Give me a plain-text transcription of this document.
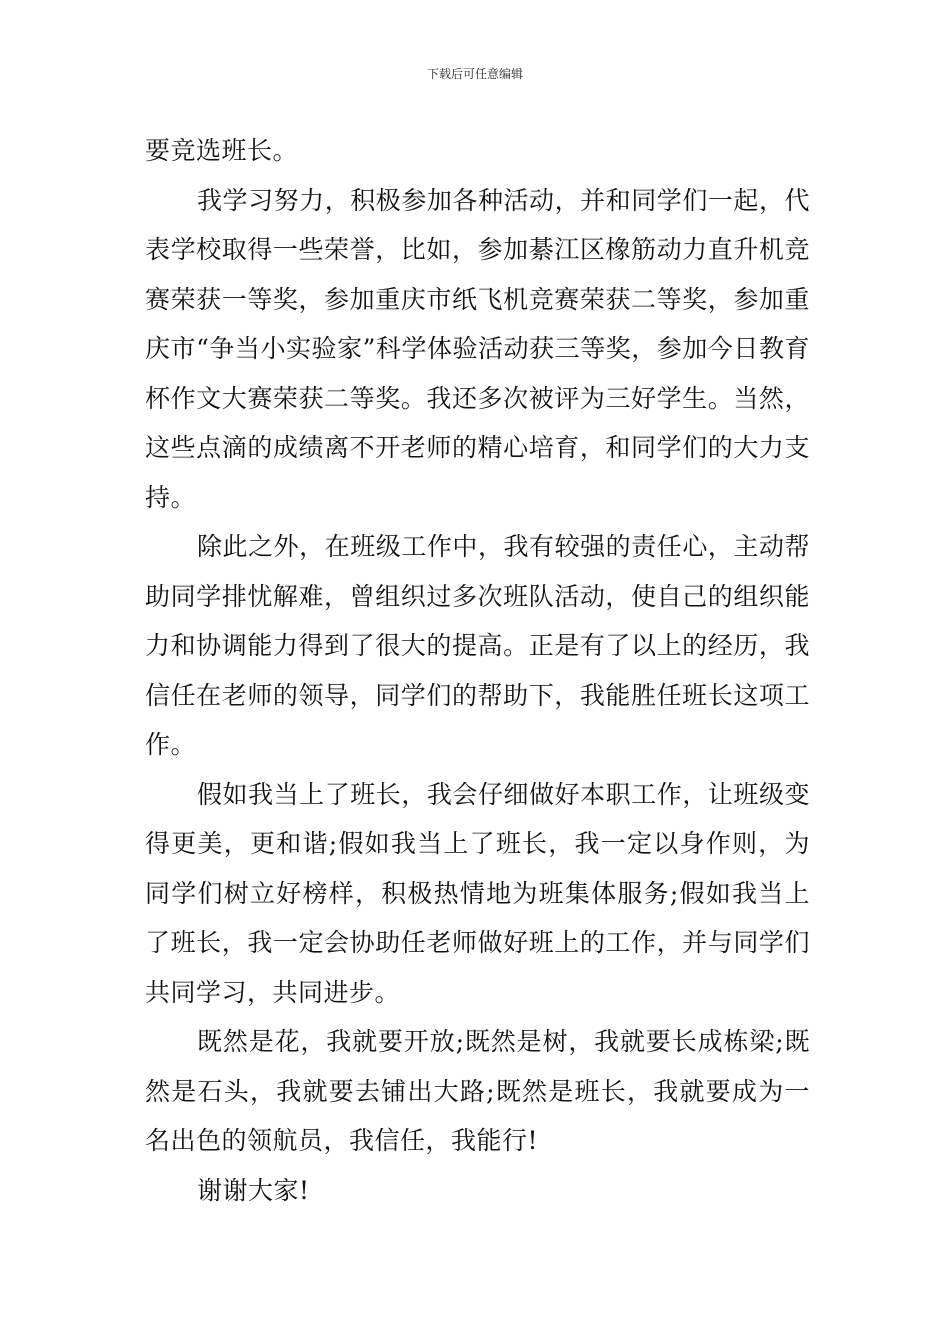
下载后可任意编辑

要竞选班长。

我学习努力，积极参加各种活动，并和同学们一起，代表学校取得一些荣誉，比如，参加綦江区橡筋动力直升机竞赛荣获一等奖，参加重庆市纸飞机竞赛荣获二等奖，参加重庆市“争当小实验家”科学体验活动获三等奖，参加今日教育杯作文大赛荣获二等奖。我还多次被评为三好学生。当然，这些点滴的成绩离不开老师的精心培育，和同学们的大力支持。

除此之外，在班级工作中，我有较强的责任心，主动帮助同学排忧解难，曾组织过多次班队活动，使自己的组织能力和协调能力得到了很大的提高。正是有了以上的经历，我信任在老师的领导，同学们的帮助下，我能胜任班长这项工作。

假如我当上了班长，我会仔细做好本职工作，让班级变得更美，更和谐;假如我当上了班长，我一定以身作则，为同学们树立好榜样，积极热情地为班集体服务;假如我当上了班长，我一定会协助任老师做好班上的工作，并与同学们共同学习，共同进步。

既然是花，我就要开放;既然是树，我就要长成栋梁;既然是石头，我就要去铺出大路;既然是班长，我就要成为一名出色的领航员，我信任，我能行!

谢谢大家!
